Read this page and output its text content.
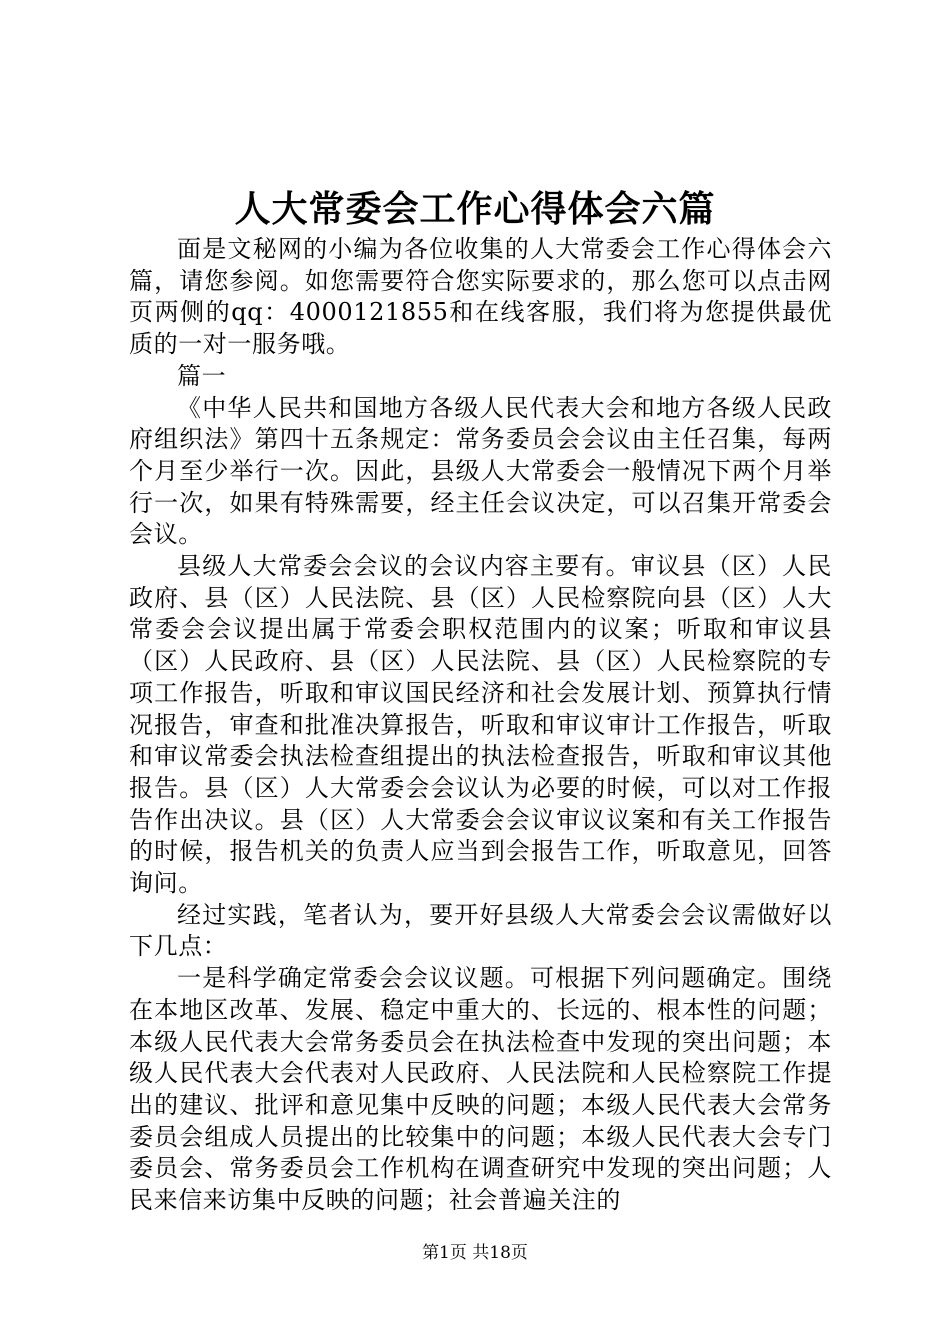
人大常委会工作心得体会六篇

面是文秘网的小编为各位收集的人大常委会工作心得体会六篇，请您参阅。如您需要符合您实际要求的，那么您可以点击网页两侧的qq：4000121855和在线客服，我们将为您提供最优质的一对一服务哦。

篇一

《中华人民共和国地方各级人民代表大会和地方各级人民政府组织法》第四十五条规定：常务委员会会议由主任召集，每两个月至少举行一次。因此，县级人大常委会一般情况下两个月举行一次，如果有特殊需要，经主任会议决定，可以召集开常委会会议。

县级人大常委会会议的会议内容主要有。审议县（区）人民政府、县（区）人民法院、县（区）人民检察院向县（区）人大常委会会议提出属于常委会职权范围内的议案；听取和审议县（区）人民政府、县（区）人民法院、县（区）人民检察院的专项工作报告，听取和审议国民经济和社会发展计划、预算执行情况报告，审查和批准决算报告，听取和审议审计工作报告，听取和审议常委会执法检查组提出的执法检查报告，听取和审议其他报告。县（区）人大常委会会议认为必要的时候，可以对工作报告作出决议。县（区）人大常委会会议审议议案和有关工作报告的时候，报告机关的负责人应当到会报告工作，听取意见，回答询问。

经过实践，笔者认为，要开好县级人大常委会会议需做好以下几点：

一是科学确定常委会会议议题。可根据下列问题确定。围绕在本地区改革、发展、稳定中重大的、长远的、根本性的问题；本级人民代表大会常务委员会在执法检查中发现的突出问题；本级人民代表大会代表对人民政府、人民法院和人民检察院工作提出的建议、批评和意见集中反映的问题；本级人民代表大会常务委员会组成人员提出的比较集中的问题；本级人民代表大会专门委员会、常务委员会工作机构在调查研究中发现的突出问题；人民来信来访集中反映的问题；社会普遍关注的

第1页 共18页
